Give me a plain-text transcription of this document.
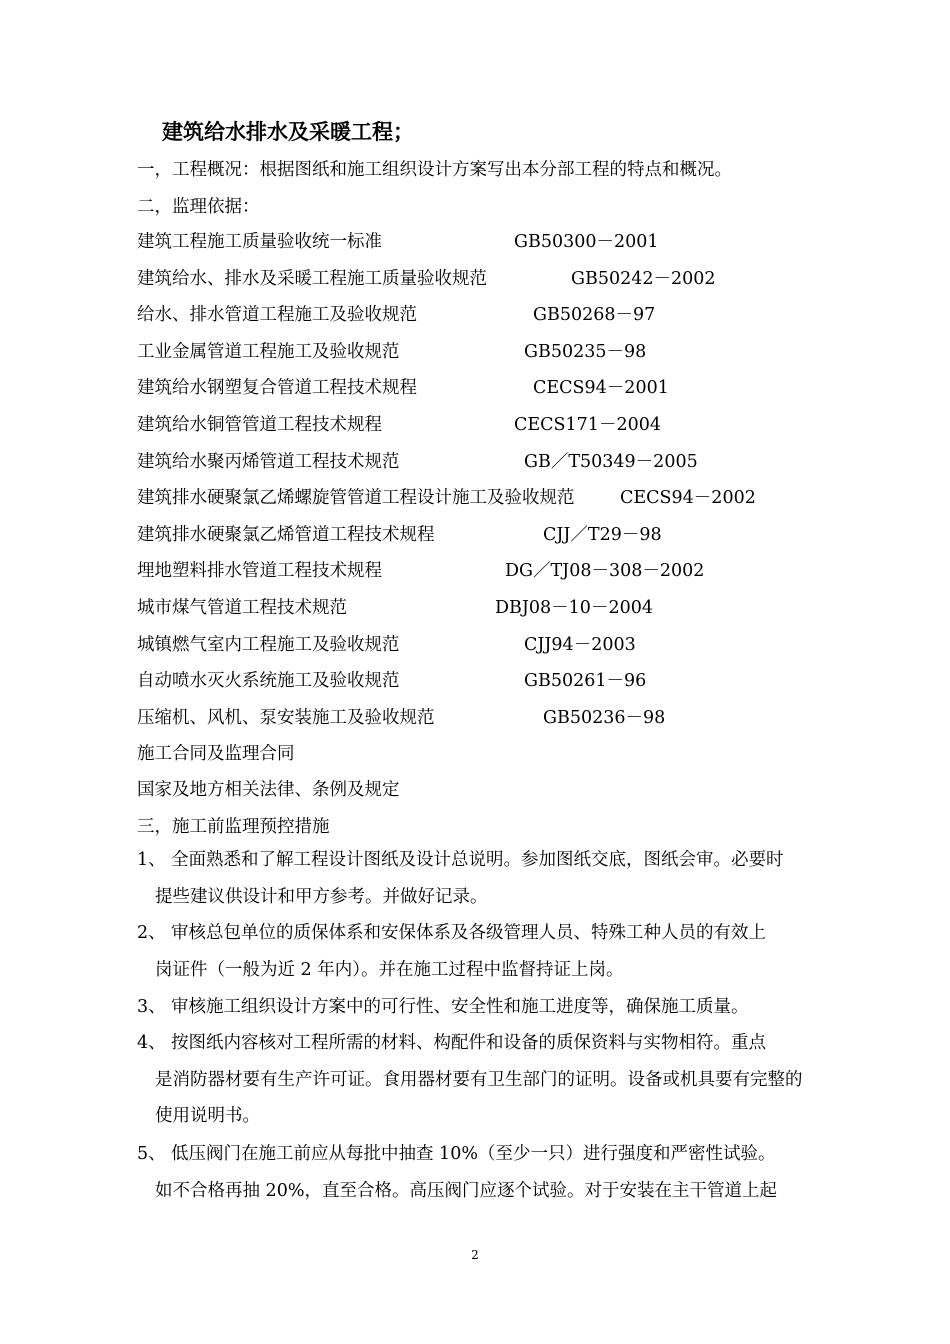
建筑给水排水及采暖工程；
一，工程概况：根据图纸和施工组织设计方案写出本分部工程的特点和概况。
二，监理依据：
建筑工程施工质量验收统一标准	GB50300－2001
建筑给水、排水及采暖工程施工质量验收规范	GB50242－2002
给水、排水管道工程施工及验收规范	GB50268－97
工业金属管道工程施工及验收规范	GB50235－98
建筑给水钢塑复合管道工程技术规程	CECS94－2001
建筑给水铜管管道工程技术规程	CECS171－2004
建筑给水聚丙烯管道工程技术规范	GB／T50349－2005
建筑排水硬聚氯乙烯螺旋管管道工程设计施工及验收规范	CECS94－2002
建筑排水硬聚氯乙烯管道工程技术规程	CJJ／T29－98
埋地塑料排水管道工程技术规程	DG／TJ08－308－2002
城市煤气管道工程技术规范	DBJ08－10－2004
城镇燃气室内工程施工及验收规范	CJJ94－2003
自动喷水灭火系统施工及验收规范	GB50261－96
压缩机、风机、泵安装施工及验收规范	GB50236－98
施工合同及监理合同
国家及地方相关法律、条例及规定
三，施工前监理预控措施
1、 全面熟悉和了解工程设计图纸及设计总说明。参加图纸交底，图纸会审。必要时
提些建议供设计和甲方参考。并做好记录。
2、 审核总包单位的质保体系和安保体系及各级管理人员、特殊工种人员的有效上
岗证件（一般为近 2 年内）。并在施工过程中监督持证上岗。
3、 审核施工组织设计方案中的可行性、安全性和施工进度等，确保施工质量。
4、 按图纸内容核对工程所需的材料、构配件和设备的质保资料与实物相符。重点
是消防器材要有生产许可证。食用器材要有卫生部门的证明。设备或机具要有完整的使用说明书。
5、 低压阀门在施工前应从每批中抽查 10%（至少一只）进行强度和严密性试验。
如不合格再抽 20%，直至合格。高压阀门应逐个试验。对于安装在主干管道上起
2
